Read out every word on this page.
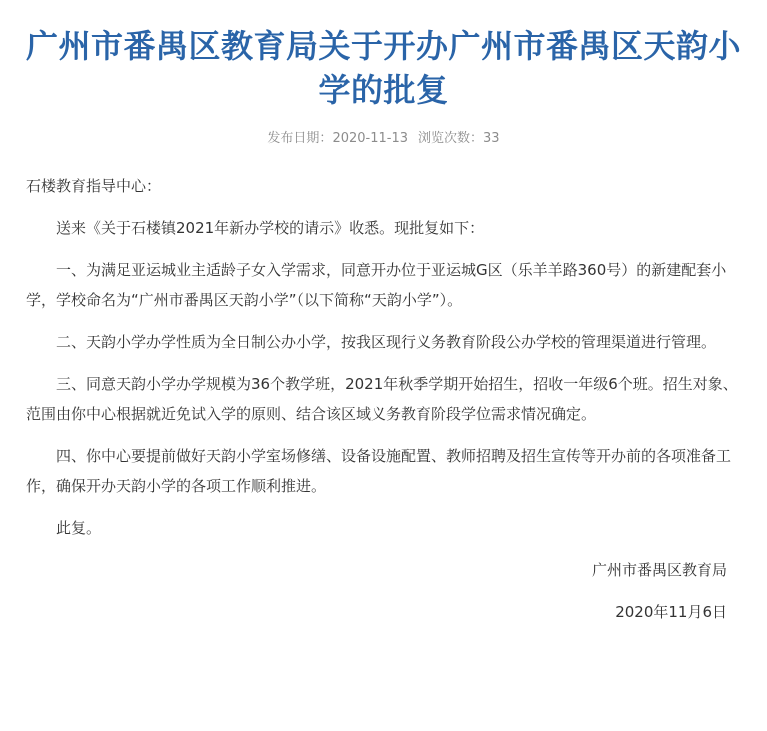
广州市番禺区教育局关于开办广州市番禺区天韵小学的批复
发布日期：2020-11-13 浏览次数：33

石楼教育指导中心：

送来《关于石楼镇2021年新办学校的请示》收悉。现批复如下：

一、为满足亚运城业主适龄子女入学需求，同意开办位于亚运城G区（乐羊羊路360号）的新建配套小学，学校命名为“广州市番禺区天韵小学”（以下简称“天韵小学”）。

二、天韵小学办学性质为全日制公办小学，按我区现行义务教育阶段公办学校的管理渠道进行管理。

三、同意天韵小学办学规模为36个教学班，2021年秋季学期开始招生，招收一年级6个班。招生对象、范围由你中心根据就近免试入学的原则、结合该区域义务教育阶段学位需求情况确定。

四、你中心要提前做好天韵小学室场修缮、设备设施配置、教师招聘及招生宣传等开办前的各项准备工作，确保开办天韵小学的各项工作顺利推进。

此复。

广州市番禺区教育局

2020年11月6日
